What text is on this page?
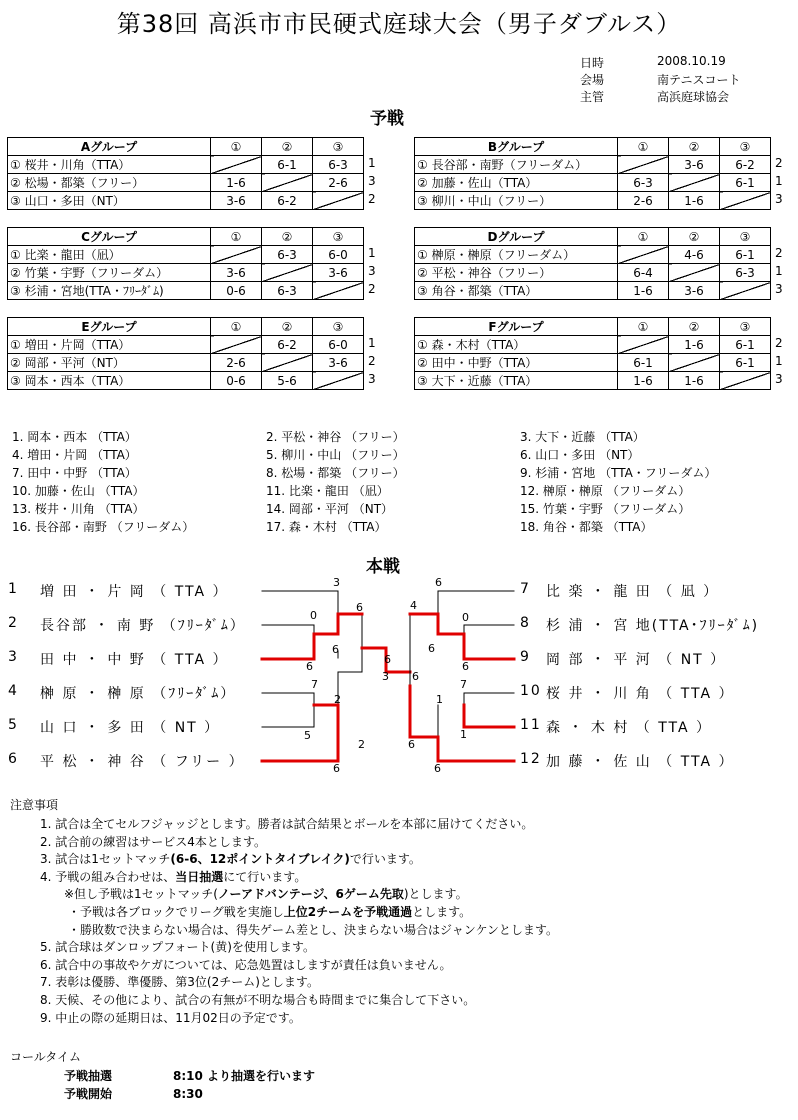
第38回 高浜市市民硬式庭球大会（男子ダブルス）
日時	2008.10.19
会場	南テニスコート
主管	高浜庭球協会
予戦
1
3
2
Aグループ	①	②	③
① 桜井・川角（TTA）		6-1	6-3
② 松場・都築（フリー）	1-6		2-6
③ 山口・多田（NT）	3-6	6-2	
2
1
3
Bグループ	①	②	③
① 長谷部・南野（フリーダム）		3-6	6-2
② 加藤・佐山（TTA）	6-3		6-1
③ 柳川・中山（フリー）	2-6	1-6	
1
3
2
Cグループ	①	②	③
① 比楽・龍田（凪）		6-3	6-0
② 竹葉・宇野（フリーダム）	3-6		3-6
③ 杉浦・宮地(TTA・ﾌﾘｰﾀﾞﾑ)	0-6	6-3	
2
1
3
Dグループ	①	②	③
① 榊原・榊原（フリーダム）		4-6	6-1
② 平松・神谷（フリー）	6-4		6-3
③ 角谷・都築（TTA）	1-6	3-6	
1
2
3
Eグループ	①	②	③
① 増田・片岡（TTA）		6-2	6-0
② 岡部・平河（NT）	2-6		3-6
③ 岡本・西本（TTA）	0-6	5-6	
2
1
3
Fグループ	①	②	③
① 森・木村（TTA）		1-6	6-1
② 田中・中野（TTA）	6-1		6-1
③ 大下・近藤（TTA）	1-6	1-6	
1. 岡本・西本 （TTA）	2. 平松・神谷 （フリー）	3. 大下・近藤 （TTA）
4. 増田・片岡 （TTA）	5. 柳川・中山 （フリー）	6. 山口・多田 （NT）
7. 田中・中野 （TTA）	8. 松場・都築 （フリー）	9. 杉浦・宮地 （TTA・フリーダム）
10. 加藤・佐山 （TTA）	11. 比楽・龍田 （凪）	12. 榊原・榊原 （フリーダム）
13. 桜井・川角 （TTA）	14. 岡部・平河 （NT）	15. 竹葉・宇野 （フリーダム）
16. 長谷部・南野 （フリーダム）	17. 森・木村 （TTA）	18. 角谷・都築 （TTA）
本戦
1 増 田 ・ 片 岡 （ TTA ）
2 長谷部 ・ 南 野 （ﾌﾘｰﾀﾞﾑ）
3 田 中 ・ 中 野 （ TTA ）
4 榊 原 ・ 榊 原 （ﾌﾘｰﾀﾞﾑ）
5 山 口 ・ 多 田 （ NT ）
6 平 松 ・ 神 谷 （ フリー ）
7 比 楽 ・ 龍 田 （ 凪 ）
8 杉 浦 ・ 宮 地(TTA･ﾌﾘｰﾀﾞﾑ)
9 岡 部 ・ 平 河 （ NT ）
10 桜 井 ・ 川 角 （ TTA ）
11 森 ・ 木 村 （ TTA ）
12 加 藤 ・ 佐 山 （ TTA ）
3
0
6
6
6
7
2
5
2
6
3
6
4
0
6
6
7
1
1
6
6
6
6
注意事項
1. 試合は全てセルフジャッジとします。勝者は試合結果とボールを本部に届けてください。
2. 試合前の練習はサービス4本とします。
3. 試合は1セットマッチ(6-6、12ポイントタイブレイク)で行います。
4. 予戦の組み合わせは、当日抽選にて行います。
※但し予戦は1セットマッチ(ノーアドバンテージ、6ゲーム先取)とします。
・予戦は各ブロックでリーグ戦を実施し上位2チームを予戦通過とします。
・勝敗数で決まらない場合は、得失ゲーム差とし、決まらない場合はジャンケンとします。
5. 試合球はダンロップフォート(黄)を使用します。
6. 試合中の事故やケガについては、応急処置はしますが責任は負いません。
7. 表彰は優勝、準優勝、第3位(2チーム)とします。
8. 天候、その他により、試合の有無が不明な場合も時間までに集合して下さい。
9. 中止の際の延期日は、11月02日の予定です。
コールタイム
予戦抽選	8:10 より抽選を行います
予戦開始	8:30
